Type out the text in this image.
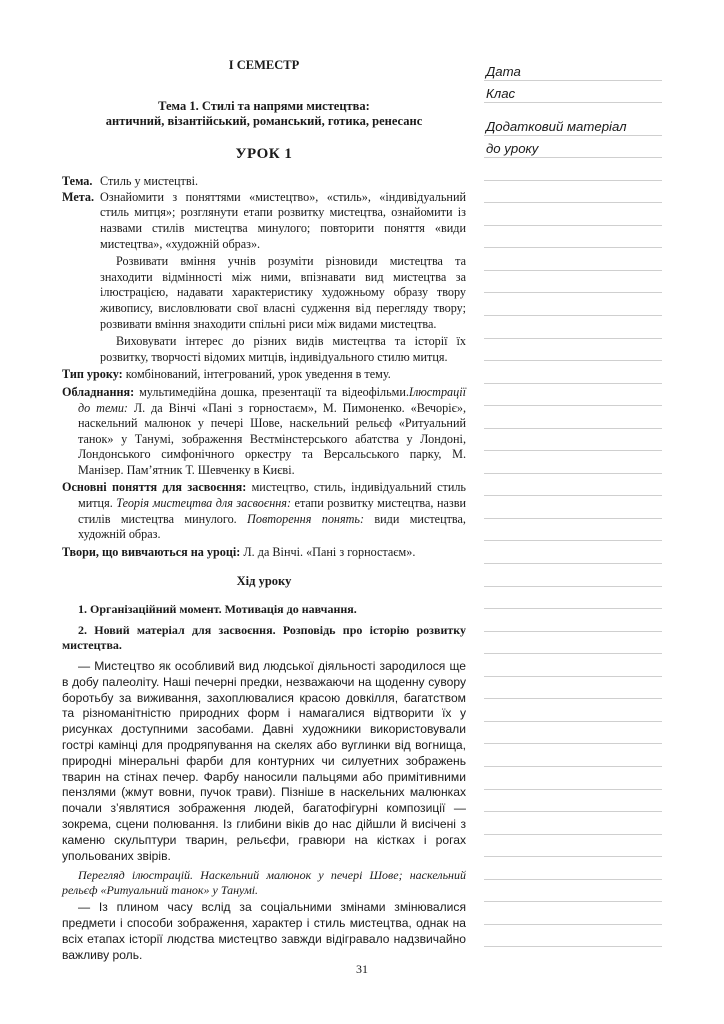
І СЕМЕСТР
Тема 1. Стилі та напрями мистецтва:
античний, візантійський, романський, готика, ренесанс
УРОК 1
Тема. Стиль у мистецтві.
Мета. Ознайомити з поняттями «мистецтво», «стиль», «індивідуальний стиль митця»; розглянути етапи розвитку мистецтва, ознайомити із назвами стилів мистецтва минулого; повторити поняття «види мистецтва», «художній образ».

Розвивати вміння учнів розуміти різновиди мистецтва та знаходити відмінності між ними, впізнавати вид мистецтва за ілюстрацією, надавати характеристику художньому образу твору живопису, висловлювати свої власні судження від перегляду твору; розвивати вміння знаходити спільні риси між видами мистецтва.

Виховувати інтерес до різних видів мистецтва та історії їх розвитку, творчості відомих митців, індивідуального стилю митця.

Тип уроку: комбінований, інтегрований, урок уведення в тему.

Обладнання: мультимедійна дошка, презентації та відеофільми.Ілюстрації до теми: Л. да Вінчі «Пані з горностаєм», М. Пимоненко. «Вечоріє», наскельний малюнок у печері Шове, наскельний рельєф «Ритуальний танок» у Танумі, зображення Вестмінстерського абатства у Лондоні, Лондонського симфонічного оркестру та Версальського парку, М. Манізер. Пам’ятник Т. Шевченку в Києві.

Основні поняття для засвоєння: мистецтво, стиль, індивідуальний стиль митця. Теорія мистецтва для засвоєння: етапи розвитку мистецтва, назви стилів мистецтва минулого. Повторення понять: види мистецтва, художній образ.

Твори, що вивчаються на уроці: Л. да Вінчі. «Пані з горностаєм».

Хід уроку

1. Організаційний момент. Мотивація до навчання.

2. Новий матеріал для засвоєння. Розповідь про історію розвитку мистецтва.

— Мистецтво як особливий вид людської діяльності зародилося ще в добу палеоліту. Наші печерні предки, незважаючи на щоденну сувору боротьбу за виживання, захоплювалися красою довкілля, багатством та різноманітністю природних форм і намагалися відтворити їх у рисунках доступними засобами. Давні художники використовували гострі камінці для продряпування на скелях або вуглинки від вогнища, природні мінеральні фарби для контурних чи силуетних зображень тварин на стінах печер. Фарбу наносили пальцями або примітивними пензлями (жмут вовни, пучок трави). Пізніше в наскельних малюнках почали з’являтися зображення людей, багатофігурні композиції — зокрема, сцени полювання. Із глибини віків до нас дійшли й висічені з каменю скульптури тварин, рельєфи, гравюри на кістках і рогах упольованих звірів.

Перегляд ілюстрацій. Наскельний малюнок у печері Шове; наскельний рельєф «Ритуальний танок» у Танумі.

— Із плином часу вслід за соціальними змінами змінювалися предмети і способи зображення, характер і стиль мистецтва, однак на всіх етапах історії людства мистецтво завжди відігравало надзвичайно важливу роль.

31
Дата
Клас
Додатковий матеріал
до уроку
